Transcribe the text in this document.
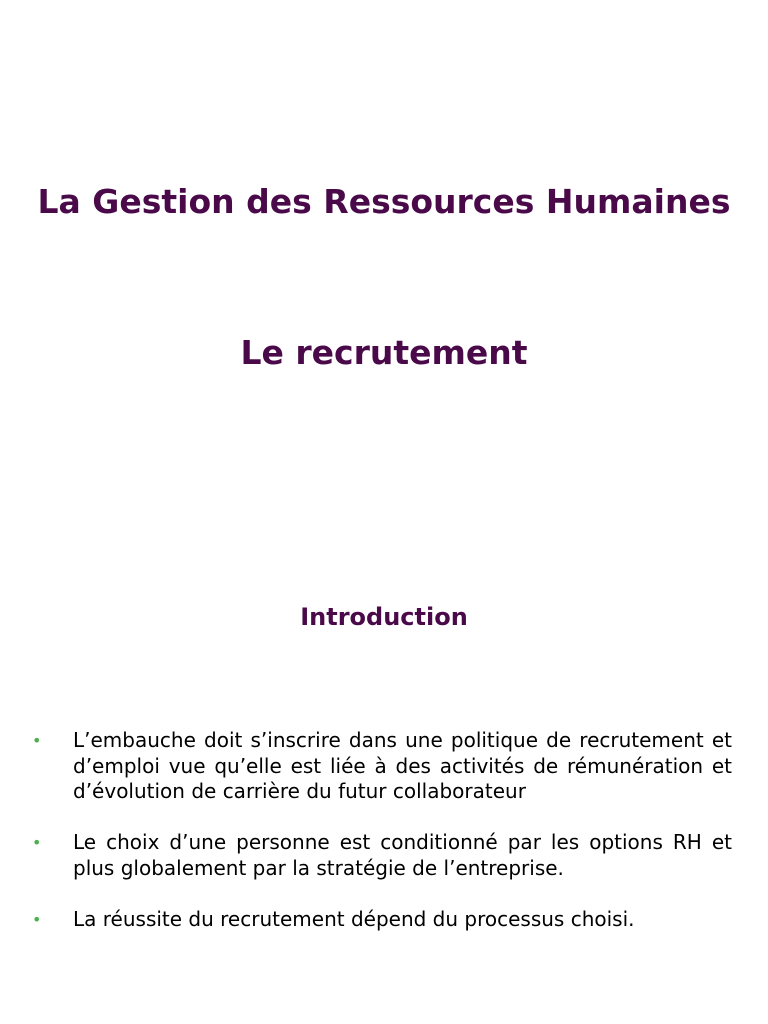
La Gestion des Ressources Humaines
Le recrutement
Introduction
• L’embauche doit s’inscrire dans une politique de recrutement et d’emploi vue qu’elle est liée à des activités de rémunération et d’évolution de carrière du futur collaborateur
• Le choix d’une personne est conditionné par les options RH et plus globalement par la stratégie de l’entreprise.
• La réussite du recrutement dépend du processus choisi.
